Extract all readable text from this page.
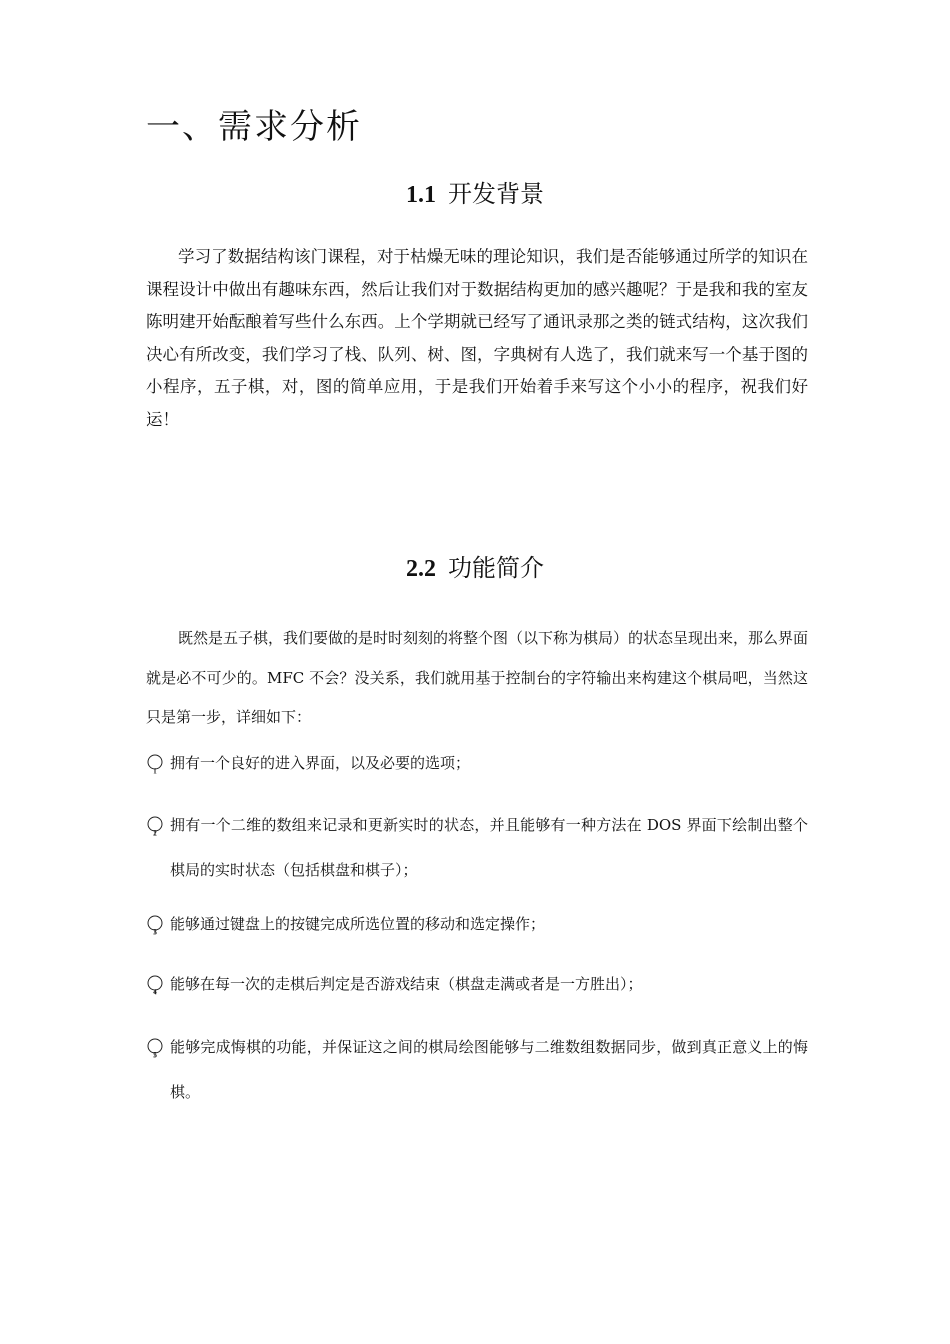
一、需求分析
1.1 开发背景

学习了数据结构该门课程，对于枯燥无味的理论知识，我们是否能够通过所学的知识在课程设计中做出有趣味东西，然后让我们对于数据结构更加的感兴趣呢？于是我和我的室友陈明建开始酝酿着写些什么东西。上个学期就已经写了通讯录那之类的链式结构，这次我们决心有所改变，我们学习了栈、队列、树、图，字典树有人选了，我们就来写一个基于图的小程序，五子棋，对，图的简单应用，于是我们开始着手来写这个小小的程序，祝我们好运！

2.2 功能简介

既然是五子棋，我们要做的是时时刻刻的将整个图（以下称为棋局）的状态呈现出来，那么界面就是必不可少的。MFC 不会？没关系，我们就用基于控制台的字符输出来构建这个棋局吧，当然这只是第一步，详细如下：

1 拥有一个良好的进入界面，以及必要的选项；
2 拥有一个二维的数组来记录和更新实时的状态，并且能够有一种方法在 DOS 界面下绘制出整个棋局的实时状态（包括棋盘和棋子）；
3 能够通过键盘上的按键完成所选位置的移动和选定操作；
4 能够在每一次的走棋后判定是否游戏结束（棋盘走满或者是一方胜出）；
5 能够完成悔棋的功能，并保证这之间的棋局绘图能够与二维数组数据同步，做到真正意义上的悔棋。
